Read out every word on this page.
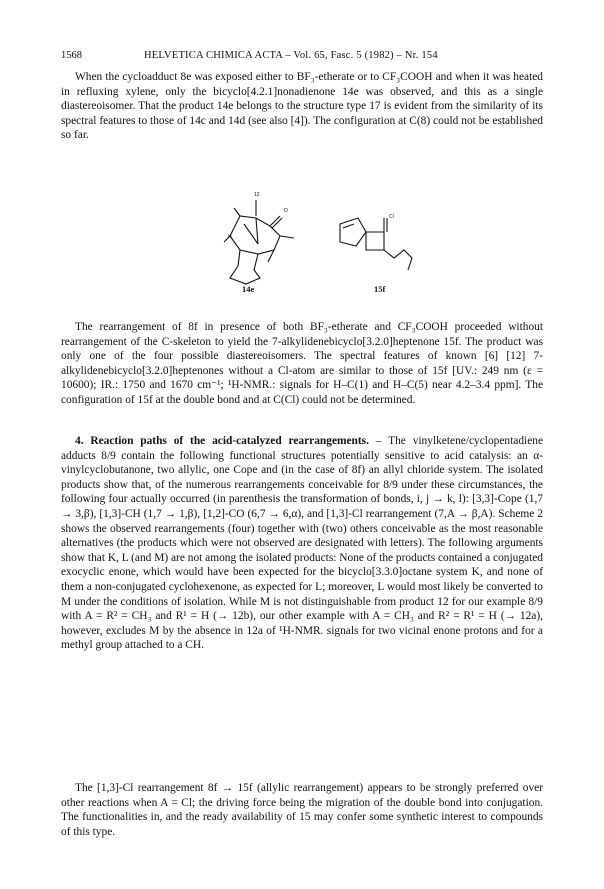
1568	HELVETICA CHIMICA ACTA – Vol. 65, Fasc. 5 (1982) – Nr. 154

When the cycloadduct 8e was exposed either to BF₃-etherate or to CF₃COOH and when it was heated in refluxing xylene, only the bicyclo[4.2.1]nonadienone 14e was observed, and this as a single diastereoisomer. That the product 14e belongs to the structure type 17 is evident from the similarity of its spectral features to those of 14c and 14d (see also [4]). The configuration at C(8) could not be established so far.

12
O
H
Cl
14e	15f

The rearrangement of 8f in presence of both BF₃-etherate and CF₃COOH proceeded without rearrangement of the C-skeleton to yield the 7-alkylidenebicyclo[3.2.0]heptenone 15f. The product was only one of the four possible diastereoisomers. The spectral features of known [6] [12] 7-alkylidenebicyclo[3.2.0]heptenones without a Cl-atom are similar to those of 15f [UV.: 249 nm (ε = 10600); IR.: 1750 and 1670 cm⁻¹; ¹H-NMR.: signals for H–C(1) and H–C(5) near 4.2–3.4 ppm]. The configuration of 15f at the double bond and at C(Cl) could not be determined.

4. Reaction paths of the acid-catalyzed rearrangements. – The vinylketene/cyclopentadiene adducts 8/9 contain the following functional structures potentially sensitive to acid catalysis: an α-vinylcyclobutanone, two allylic, one Cope and (in the case of 8f) an allyl chloride system. The isolated products show that, of the numerous rearrangements conceivable for 8/9 under these circumstances, the following four actually occurred (in parenthesis the transformation of bonds, i, j → k, l): [3,3]-Cope (1,7 → 3,β), [1,3]-CH (1,7 → 1,β), [1,2]-CO (6,7 → 6,α), and [1,3]-Cl rearrangement (7,A → β,A). Scheme 2 shows the observed rearrangements (four) together with (two) others conceivable as the most reasonable alternatives (the products which were not observed are designated with letters). The following arguments show that K, L (and M) are not among the isolated products: None of the products contained a conjugated exocyclic enone, which would have been expected for the bicyclo[3.3.0]octane system K, and none of them a non-conjugated cyclohexenone, as expected for L; moreover, L would most likely be converted to M under the conditions of isolation. While M is not distinguishable from product 12 for our example 8/9 with A = R² = CH₃ and R¹ = H (→ 12b), our other example with A = CH₃ and R² = R¹ = H (→ 12a), however, excludes M by the absence in 12a of ¹H-NMR. signals for two vicinal enone protons and for a methyl group attached to a CH.

The [1,3]-Cl rearrangement 8f → 15f (allylic rearrangement) appears to be strongly preferred over other reactions when A = Cl; the driving force being the migration of the double bond into conjugation. The functionalities in, and the ready availability of 15 may confer some synthetic interest to compounds of this type.
